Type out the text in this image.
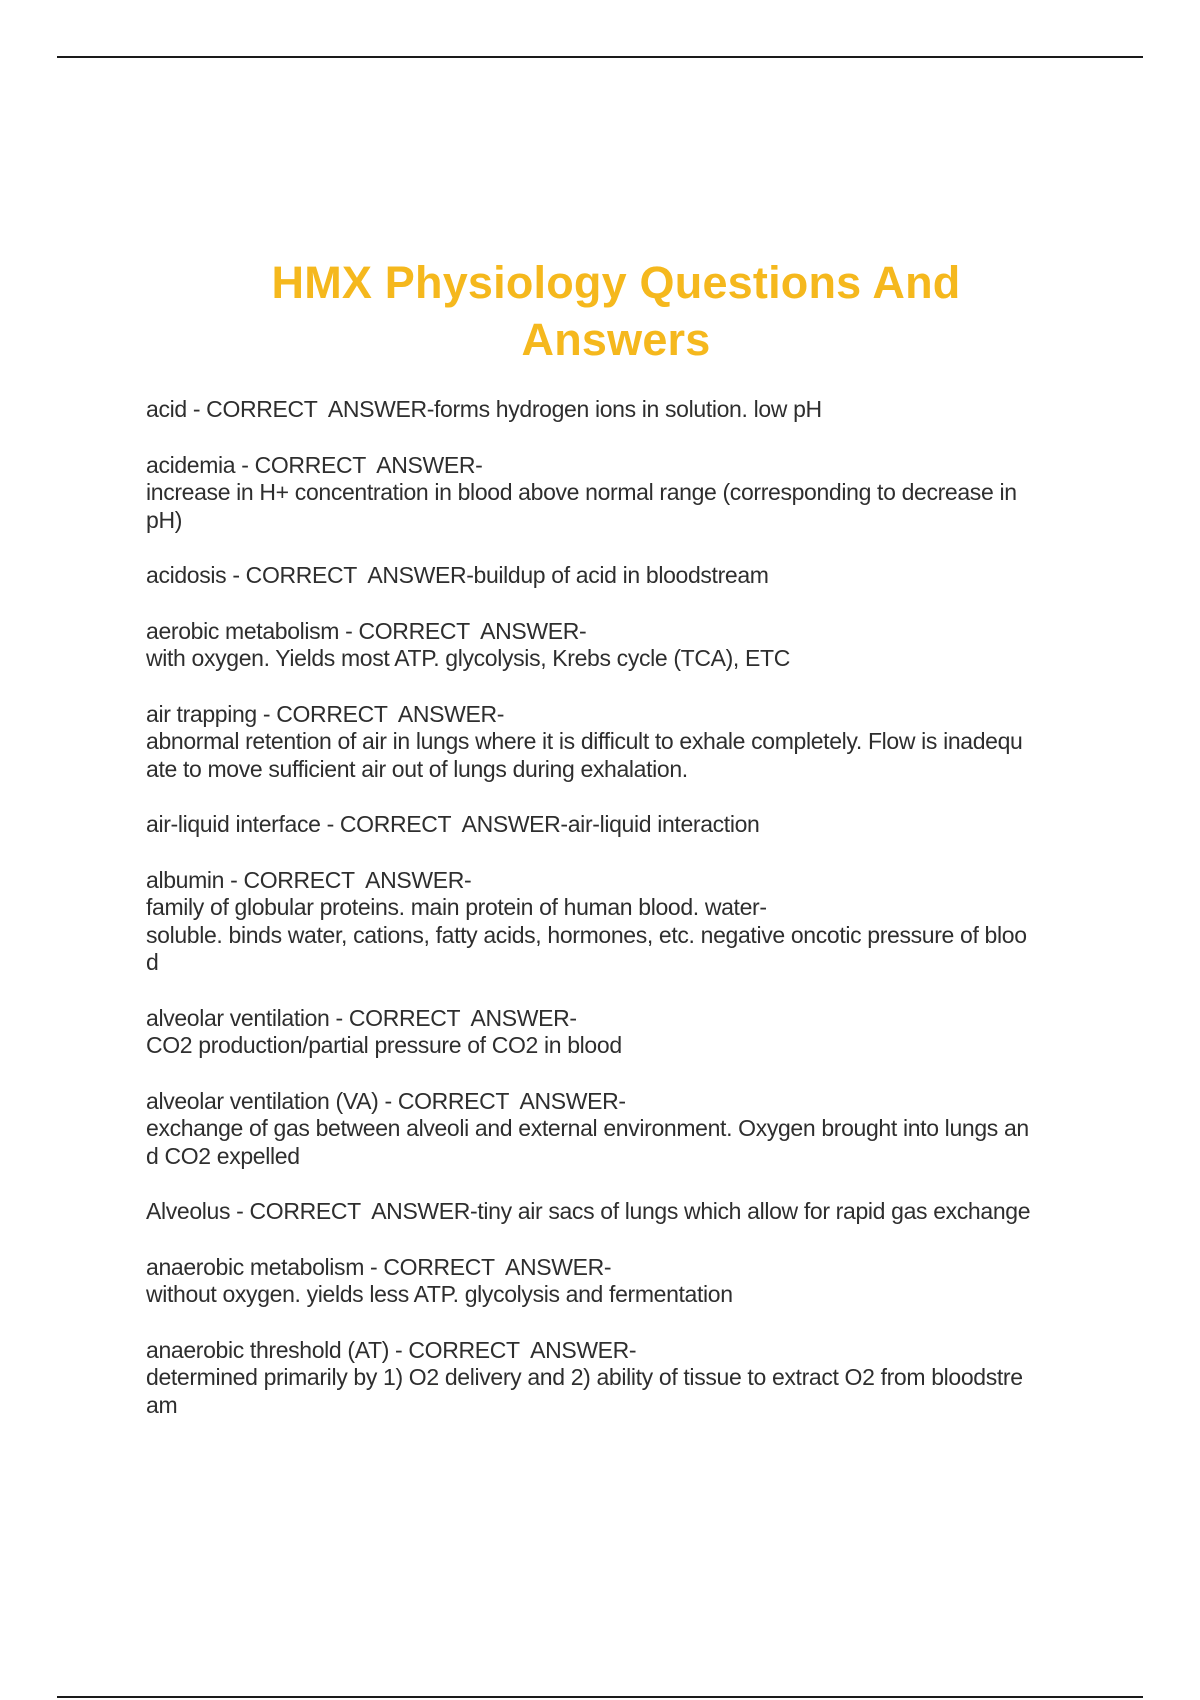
HMX Physiology Questions And
Answers

acid - CORRECT  ANSWER-forms hydrogen ions in solution. low pH

acidemia - CORRECT  ANSWER-
increase in H+ concentration in blood above normal range (corresponding to decrease in
pH)

acidosis - CORRECT  ANSWER-buildup of acid in bloodstream

aerobic metabolism - CORRECT  ANSWER-
with oxygen. Yields most ATP. glycolysis, Krebs cycle (TCA), ETC

air trapping - CORRECT  ANSWER-
abnormal retention of air in lungs where it is difficult to exhale completely. Flow is inadequ
ate to move sufficient air out of lungs during exhalation.

air-liquid interface - CORRECT  ANSWER-air-liquid interaction

albumin - CORRECT  ANSWER-
family of globular proteins. main protein of human blood. water-
soluble. binds water, cations, fatty acids, hormones, etc. negative oncotic pressure of bloo
d

alveolar ventilation - CORRECT  ANSWER-
CO2 production/partial pressure of CO2 in blood

alveolar ventilation (VA) - CORRECT  ANSWER-
exchange of gas between alveoli and external environment. Oxygen brought into lungs an
d CO2 expelled

Alveolus - CORRECT  ANSWER-tiny air sacs of lungs which allow for rapid gas exchange

anaerobic metabolism - CORRECT  ANSWER-
without oxygen. yields less ATP. glycolysis and fermentation

anaerobic threshold (AT) - CORRECT  ANSWER-
determined primarily by 1) O2 delivery and 2) ability of tissue to extract O2 from bloodstre
am
